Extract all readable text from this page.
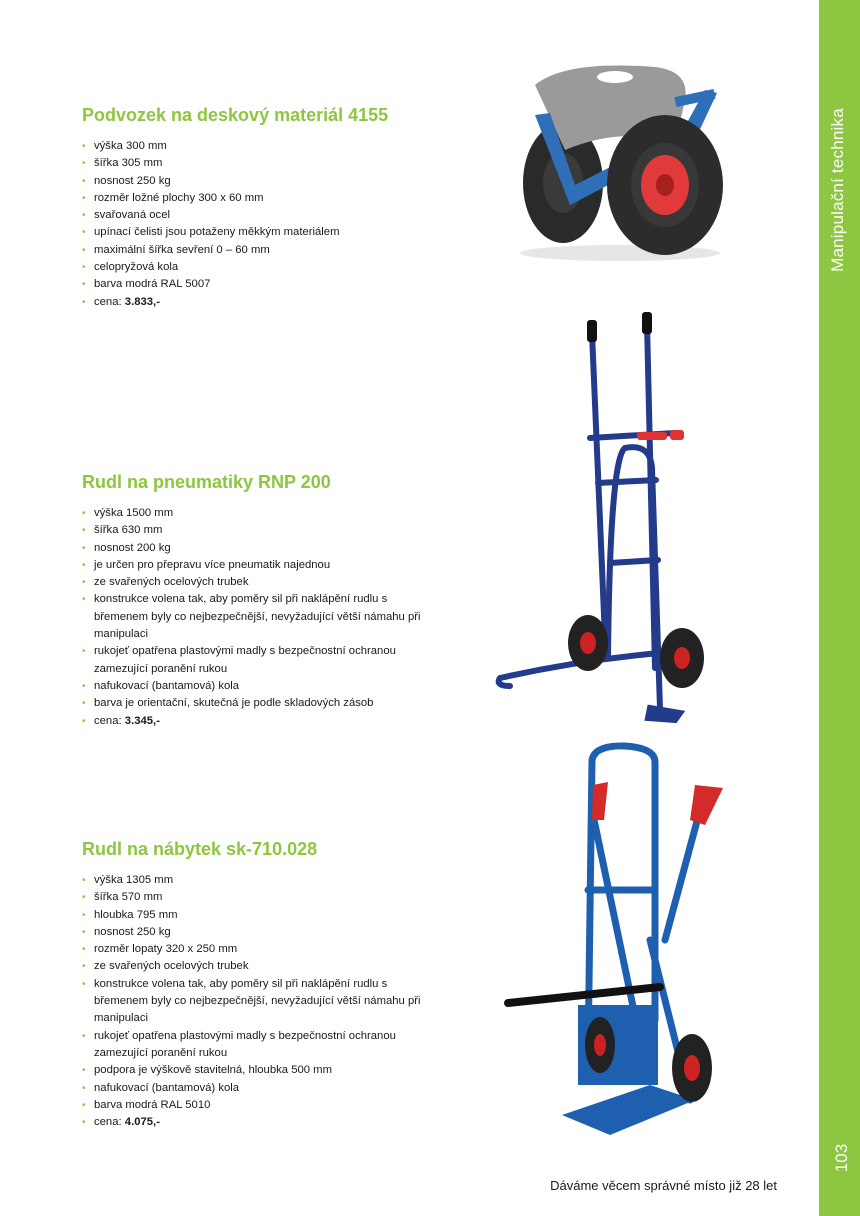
Manipulační technika
103
Podvozek na deskový materiál 4155
• výška 300 mm
• šířka 305 mm
• nosnost 250 kg
• rozměr ložné plochy 300 x 60 mm
• svařovaná ocel
• upínací čelisti jsou potaženy měkkým materiálem
• maximální šířka sevření 0 – 60 mm
• celopryžová kola
• barva modrá RAL 5007
• cena: 3.833,-
Rudl na pneumatiky RNP 200
• výška 1500 mm
• šířka 630 mm
• nosnost 200 kg
• je určen pro přepravu více pneumatik najednou
• ze svařených ocelových trubek
• konstrukce volena tak, aby poměry sil při naklápění rudlu s břemenem byly co nejbezpečnější, nevyžadující větší námahu při manipulaci
• rukojeť opatřena plastovými madly s bezpečnostní ochranou zamezující poranění rukou
• nafukovací (bantamová) kola
• barva je orientační, skutečná je podle skladových zásob
• cena: 3.345,-
Rudl na nábytek sk-710.028
• výška 1305 mm
• šířka 570 mm
• hloubka 795 mm
• nosnost 250 kg
• rozměr lopaty 320 x 250 mm
• ze svařených ocelových trubek
• konstrukce volena tak, aby poměry sil při naklápění rudlu s břemenem byly co nejbezpečnější, nevyžadující větší námahu při manipulaci
• rukojeť opatřena plastovými madly s bezpečnostní ochranou zamezující poranění rukou
• podpora je výškově stavitelná, hloubka 500 mm
• nafukovací (bantamová) kola
• barva modrá RAL 5010
• cena: 4.075,-
Dáváme věcem správné místo již 28 let
